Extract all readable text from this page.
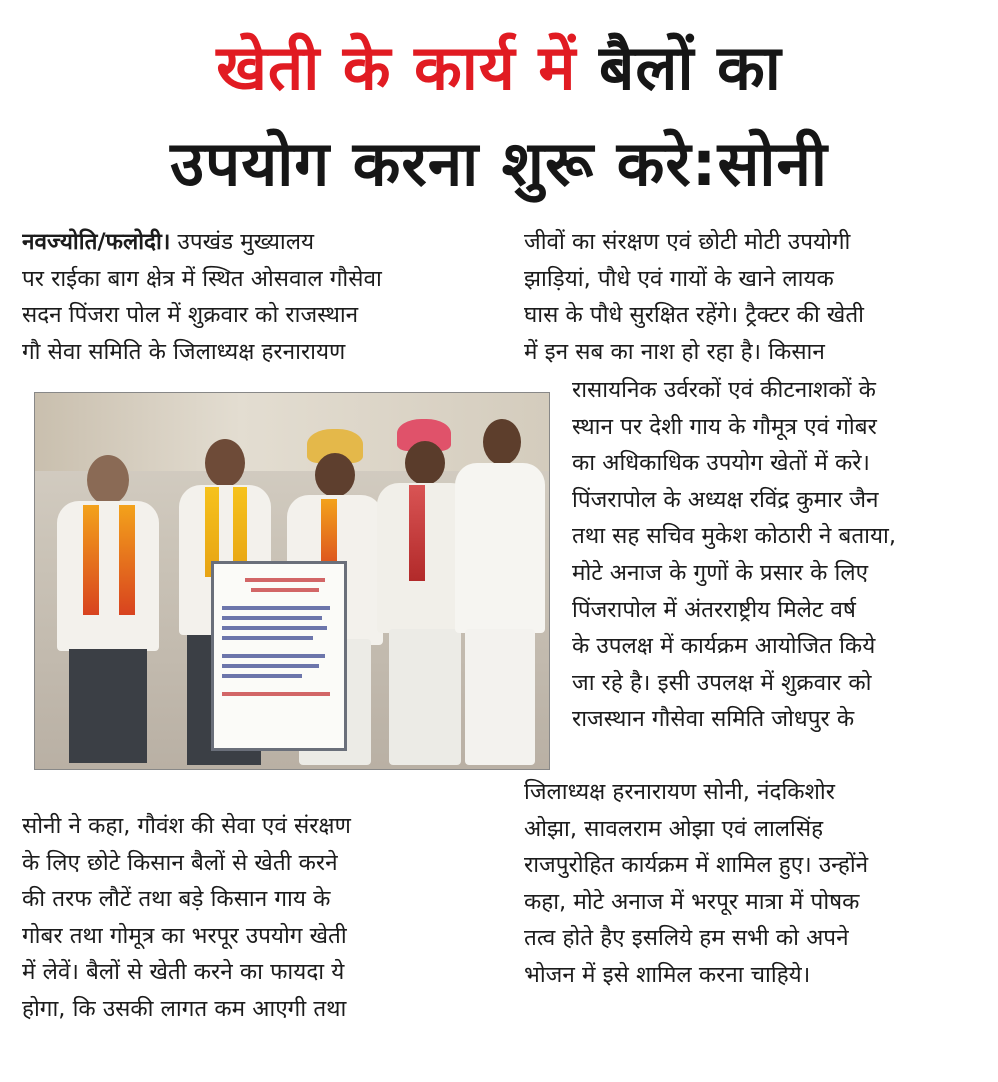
खेती के कार्य में बैलों का
उपयोग करना शुरू करे:सोनी
नवज्योति/फलोदी। उपखंड मुख्यालय
पर राईका बाग क्षेत्र में स्थित ओसवाल गौसेवा
सदन पिंजरा पोल में शुक्रवार को राजस्थान
गौ सेवा समिति के जिलाध्यक्ष हरनारायण
सोनी ने कहा, गौवंश की सेवा एवं संरक्षण
के लिए छोटे किसान बैलों से खेती करने
की तरफ लौटें तथा बड़े किसान गाय के
गोबर तथा गोमूत्र का भरपूर उपयोग खेती
में लेवें। बैलों से खेती करने का फायदा ये
होगा, कि उसकी लागत कम आएगी तथा
जीवों का संरक्षण एवं छोटी मोटी उपयोगी
झाड़ियां, पौधे एवं गायों के खाने लायक
घास के पौधे सुरक्षित रहेंगे। ट्रैक्टर की खेती
में इन सब का नाश हो रहा है। किसान
रासायनिक उर्वरकों एवं कीटनाशकों के
स्थान पर देशी गाय के गौमूत्र एवं गोबर
का अधिकाधिक उपयोग खेतों में करे।
पिंजरापोल के अध्यक्ष रविंद्र कुमार जैन
तथा सह सचिव मुकेश कोठारी ने बताया,
मोटे अनाज के गुणों के प्रसार के लिए
पिंजरापोल में अंतरराष्ट्रीय मिलेट वर्ष
के उपलक्ष में कार्यक्रम आयोजित किये
जा रहे है। इसी उपलक्ष में शुक्रवार को
राजस्थान गौसेवा समिति जोधपुर के
जिलाध्यक्ष हरनारायण सोनी, नंदकिशोर
ओझा, सावलराम ओझा एवं लालसिंह
राजपुरोहित कार्यक्रम में शामिल हुए। उन्होंने
कहा, मोटे अनाज में भरपूर मात्रा में पोषक
तत्व होते हैए इसलिये हम सभी को अपने
भोजन में इसे शामिल करना चाहिये।
